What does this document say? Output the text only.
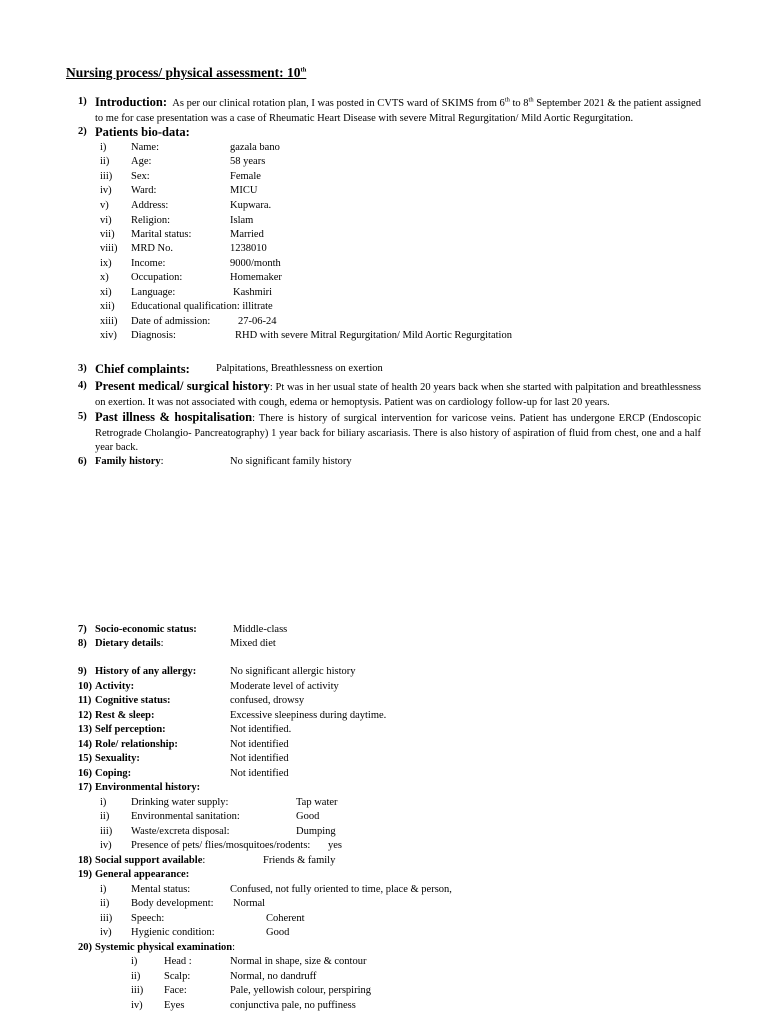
Nursing process/ physical assessment: 10th
1) Introduction: As per our clinical rotation plan, I was posted in CVTS ward of SKIMS from 6th to 8th September 2021 & the patient assigned to me for case presentation was a case of Rheumatic Heart Disease with severe Mitral Regurgitation/ Mild Aortic Regurgitation.
2) Patients bio-data:
i) Name:	gazala bano
ii) Age:	58 years
iii) Sex:	Female
iv) Ward:	MICU
v) Address:	Kupwara.
vi) Religion:	Islam
vii) Marital status:	Married
viii) MRD No.	1238010
ix) Income:	9000/month
x) Occupation:	Homemaker
xi) Language:	Kashmiri
xii) Educational qualification: illitrate
xiii) Date of admission:	27-06-24
xiv) Diagnosis:	RHD with severe Mitral Regurgitation/ Mild Aortic Regurgitation
3) Chief complaints: Palpitations, Breathlessness on exertion
4) Present medical/ surgical history: Pt was in her usual state of health 20 years back when she started with palpitation and breathlessness on exertion. It was not associated with cough, edema or hemoptysis. Patient was on cardiology follow-up for last 20 years.
5) Past illness & hospitalisation: There is history of surgical intervention for varicose veins. Patient has undergone ERCP (Endoscopic Retrograde Cholangio- Pancreatography) 1 year back for biliary ascariasis. There is also history of aspiration of fluid from chest, one and a half year back.
6) Family history:	No significant family history
7) Socio-economic status:	Middle-class
8) Dietary details:	Mixed diet
9) History of any allergy:	No significant allergic history
10) Activity:	Moderate level of activity
11) Cognitive status:	confused, drowsy
12) Rest & sleep:	Excessive sleepiness during daytime.
13) Self perception:	Not identified.
14) Role/ relationship:	Not identified
15) Sexuality:	Not identified
16) Coping:	Not identified
17) Environmental history:
i) Drinking water supply:	Tap water
ii) Environmental sanitation:	Good
iii) Waste/excreta disposal:	Dumping
iv) Presence of pets/ flies/mosquitoes/rodents: yes
18) Social support available:	Friends & family
19) General appearance:
i) Mental status:	Confused, not fully oriented to time, place & person,
ii) Body development: Normal
iii) Speech:	Coherent
iv) Hygienic condition:	Good
20) Systemic physical examination:
i)	Head :	Normal in shape, size & contour
ii) Scalp:	Normal, no dandruff
iii) Face:	Pale, yellowish colour, perspiring
iv) Eyes	conjunctiva pale, no puffiness
